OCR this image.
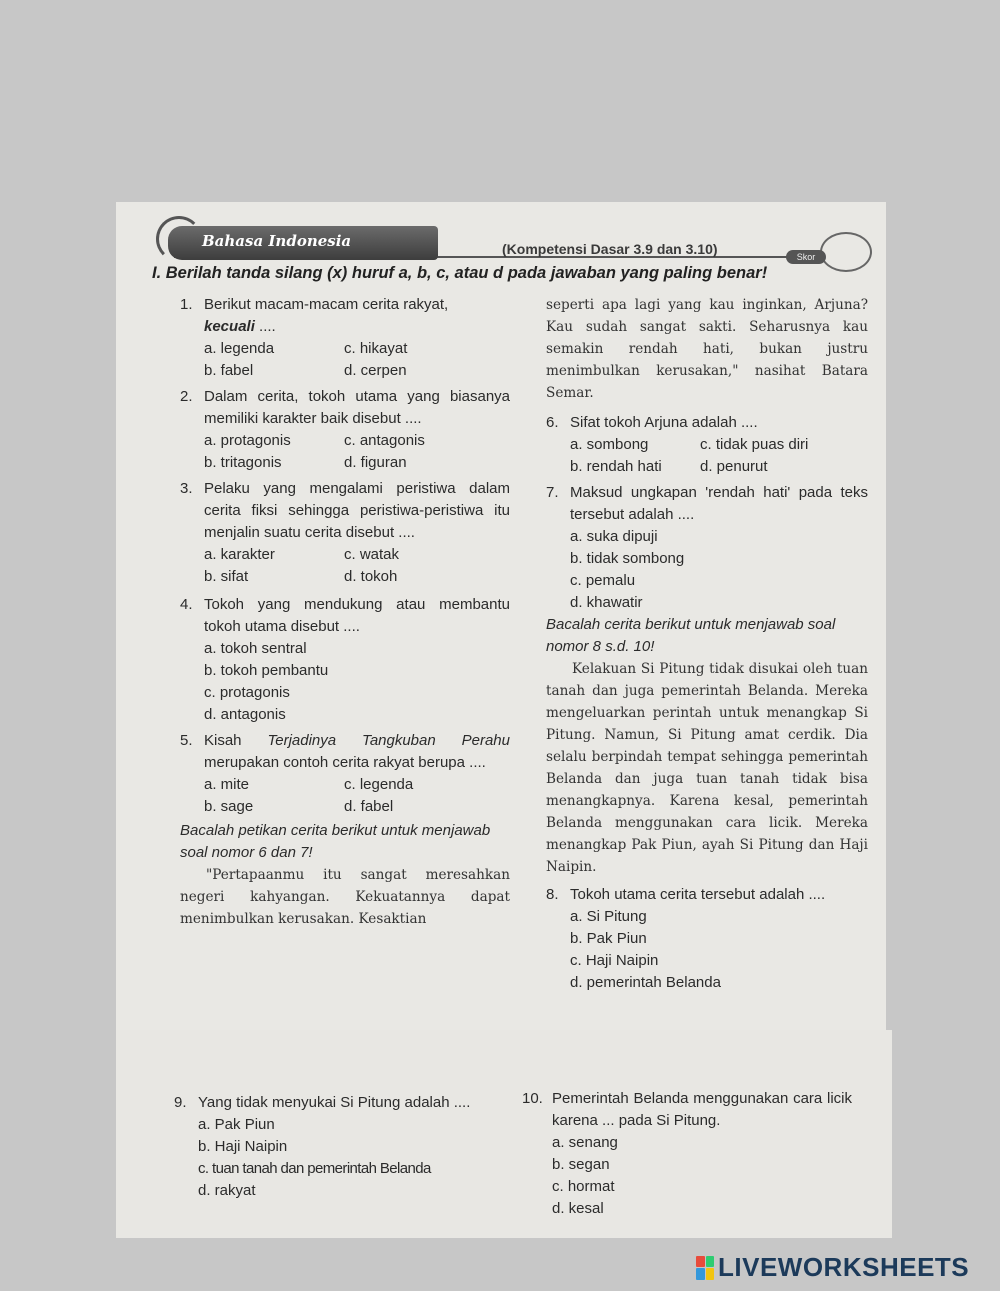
Bahasa Indonesia	(Kompetensi Dasar 3.9 dan 3.10)	Skor
I. Berilah tanda silang (x) huruf a, b, c, atau d pada jawaban yang paling benar!
1. Berikut macam-macam cerita rakyat,
kecuali ....
a. legenda	c. hikayat
b. fabel	d. cerpen
2. Dalam cerita, tokoh utama yang biasanya memiliki karakter baik disebut ....
a. protagonis	c. antagonis
b. tritagonis	d. figuran
3. Pelaku yang mengalami peristiwa dalam cerita fiksi sehingga peristiwa-peristiwa itu menjalin suatu cerita disebut ....
a. karakter	c. watak
b. sifat	d. tokoh
4. Tokoh yang mendukung atau membantu tokoh utama disebut ....
a. tokoh sentral
b. tokoh pembantu
c. protagonis
d. antagonis
5. Kisah Terjadinya Tangkuban Perahu merupakan contoh cerita rakyat berupa ....
a. mite	c. legenda
b. sage	d. fabel
Bacalah petikan cerita berikut untuk menjawab soal nomor 6 dan 7!
"Pertapaanmu itu sangat meresahkan negeri kahyangan. Kekuatannya dapat menimbulkan kerusakan. Kesaktian
seperti apa lagi yang kau inginkan, Arjuna? Kau sudah sangat sakti. Seharusnya kau semakin rendah hati, bukan justru menimbulkan kerusakan," nasihat Batara Semar.
6. Sifat tokoh Arjuna adalah ....
a. sombong	c. tidak puas diri
b. rendah hati	d. penurut
7. Maksud ungkapan 'rendah hati' pada teks tersebut adalah ....
a. suka dipuji
b. tidak sombong
c. pemalu
d. khawatir
Bacalah cerita berikut untuk menjawab soal nomor 8 s.d. 10!
Kelakuan Si Pitung tidak disukai oleh tuan tanah dan juga pemerintah Belanda. Mereka mengeluarkan perintah untuk menangkap Si Pitung. Namun, Si Pitung amat cerdik. Dia selalu berpindah tempat sehingga pemerintah Belanda dan juga tuan tanah tidak bisa menangkapnya. Karena kesal, pemerintah Belanda menggunakan cara licik. Mereka menangkap Pak Piun, ayah Si Pitung dan Haji Naipin.
8. Tokoh utama cerita tersebut adalah ....
a. Si Pitung
b. Pak Piun
c. Haji Naipin
d. pemerintah Belanda
9. Yang tidak menyukai Si Pitung adalah ....
a. Pak Piun
b. Haji Naipin
c. tuan tanah dan pemerintah Belanda
d. rakyat
10. Pemerintah Belanda menggunakan cara licik karena ... pada Si Pitung.
a. senang
b. segan
c. hormat
d. kesal
LIVEWORKSHEETS
